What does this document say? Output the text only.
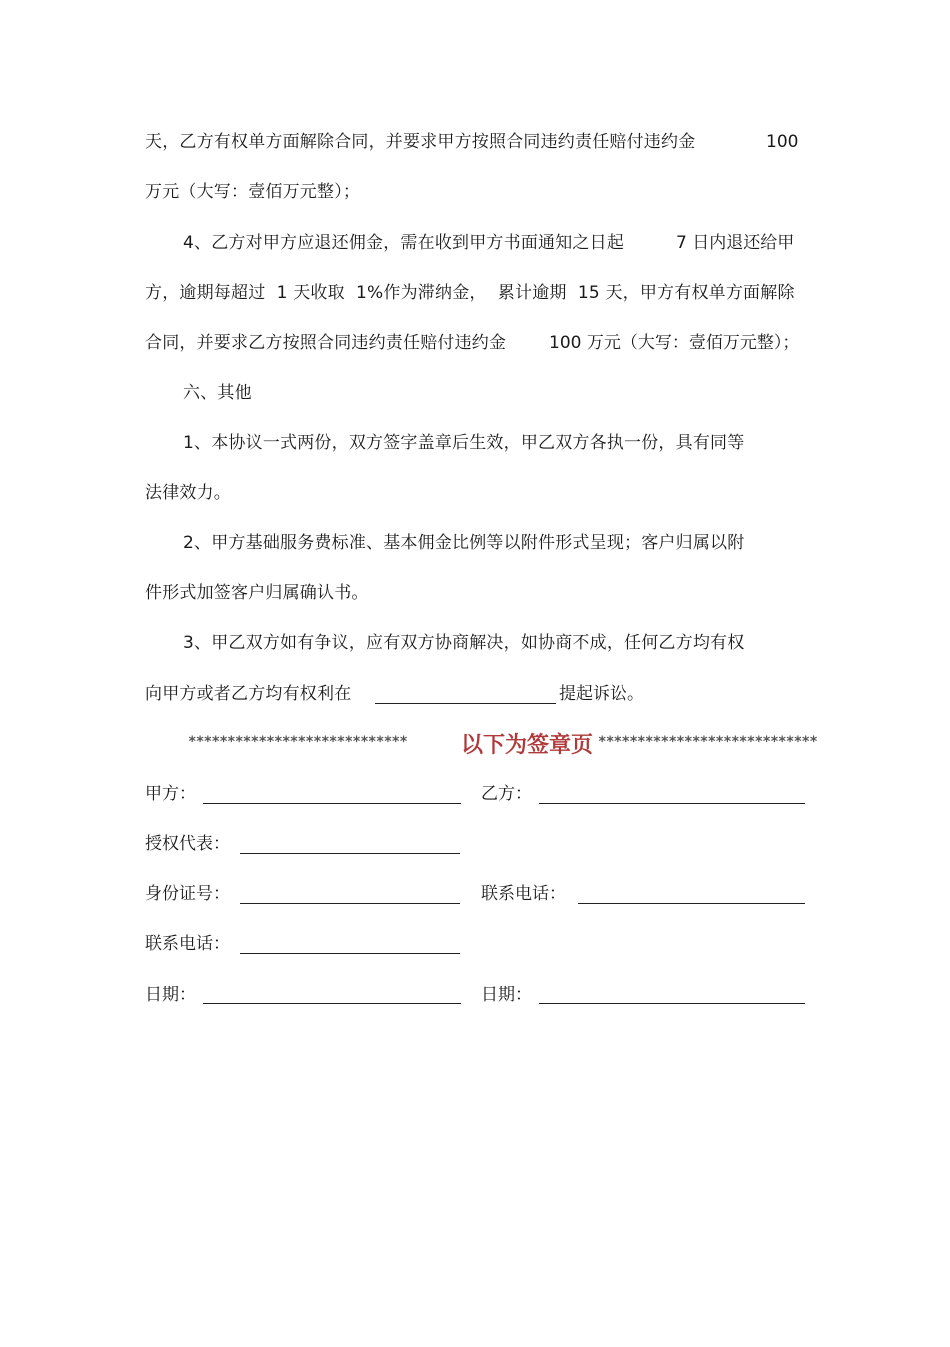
天，乙方有权单方面解除合同，并要求甲方按照合同违约责任赔付违约金	100
万元（大写：壹佰万元整）；
4、乙方对甲方应退还佣金，需在收到甲方书面通知之日起	7 日内退还给甲
方，逾期每超过  1 天收取  1%作为滞纳金，  累计逾期  15 天，甲方有权单方面解除
合同，并要求乙方按照合同违约责任赔付违约金	100 万元（大写：壹佰万元整）；
六、其他
1、本协议一式两份，双方签字盖章后生效，甲乙双方各执一份，具有同等
法律效力。
2、甲方基础服务费标准、基本佣金比例等以附件形式呈现；客户归属以附
件形式加签客户归属确认书。
3、甲乙双方如有争议，应有双方协商解决，如协商不成，任何乙方均有权
向甲方或者乙方均有权利在	提起诉讼。
**************************** 以下为签章页 ****************************
甲方：	乙方：
授权代表：
身份证号：	联系电话：
联系电话：
日期：	日期：
